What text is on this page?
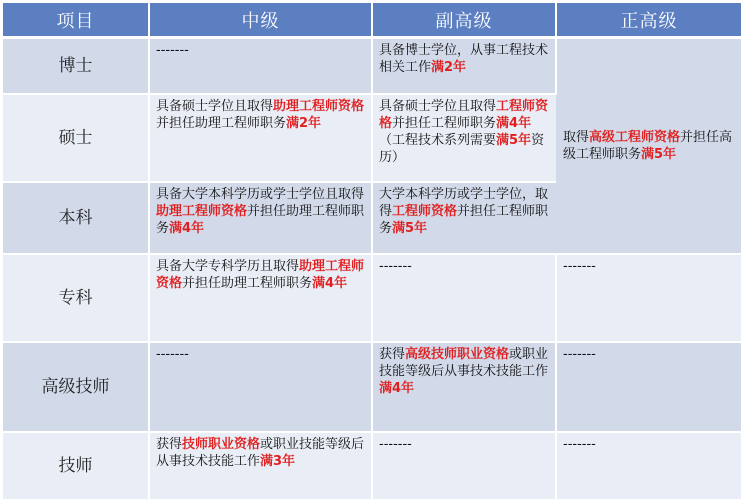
项目	中级	副高级	正高级
博士	-------	具备博士学位，从事工程技术相关工作满2年	取得高级工程师资格并担任高级工程师职务满5年
硕士	具备硕士学位且取得助理工程师资格并担任助理工程师职务满2年	具备硕士学位且取得工程师资格并担任工程师职务满4年（工程技术系列需要满5年资历）	
本科	具备大学本科学历或学士学位且取得助理工程师资格并担任助理工程师职务满4年	大学本科学历或学士学位，取得工程师资格并担任工程师职务满5年	
专科	具备大学专科学历且取得助理工程师资格并担任助理工程师职务满4年	-------	-------
高级技师	-------	获得高级技师职业资格或职业技能等级后从事技术技能工作满4年	-------
技师	获得技师职业资格或职业技能等级后从事技术技能工作满3年	-------	-------
